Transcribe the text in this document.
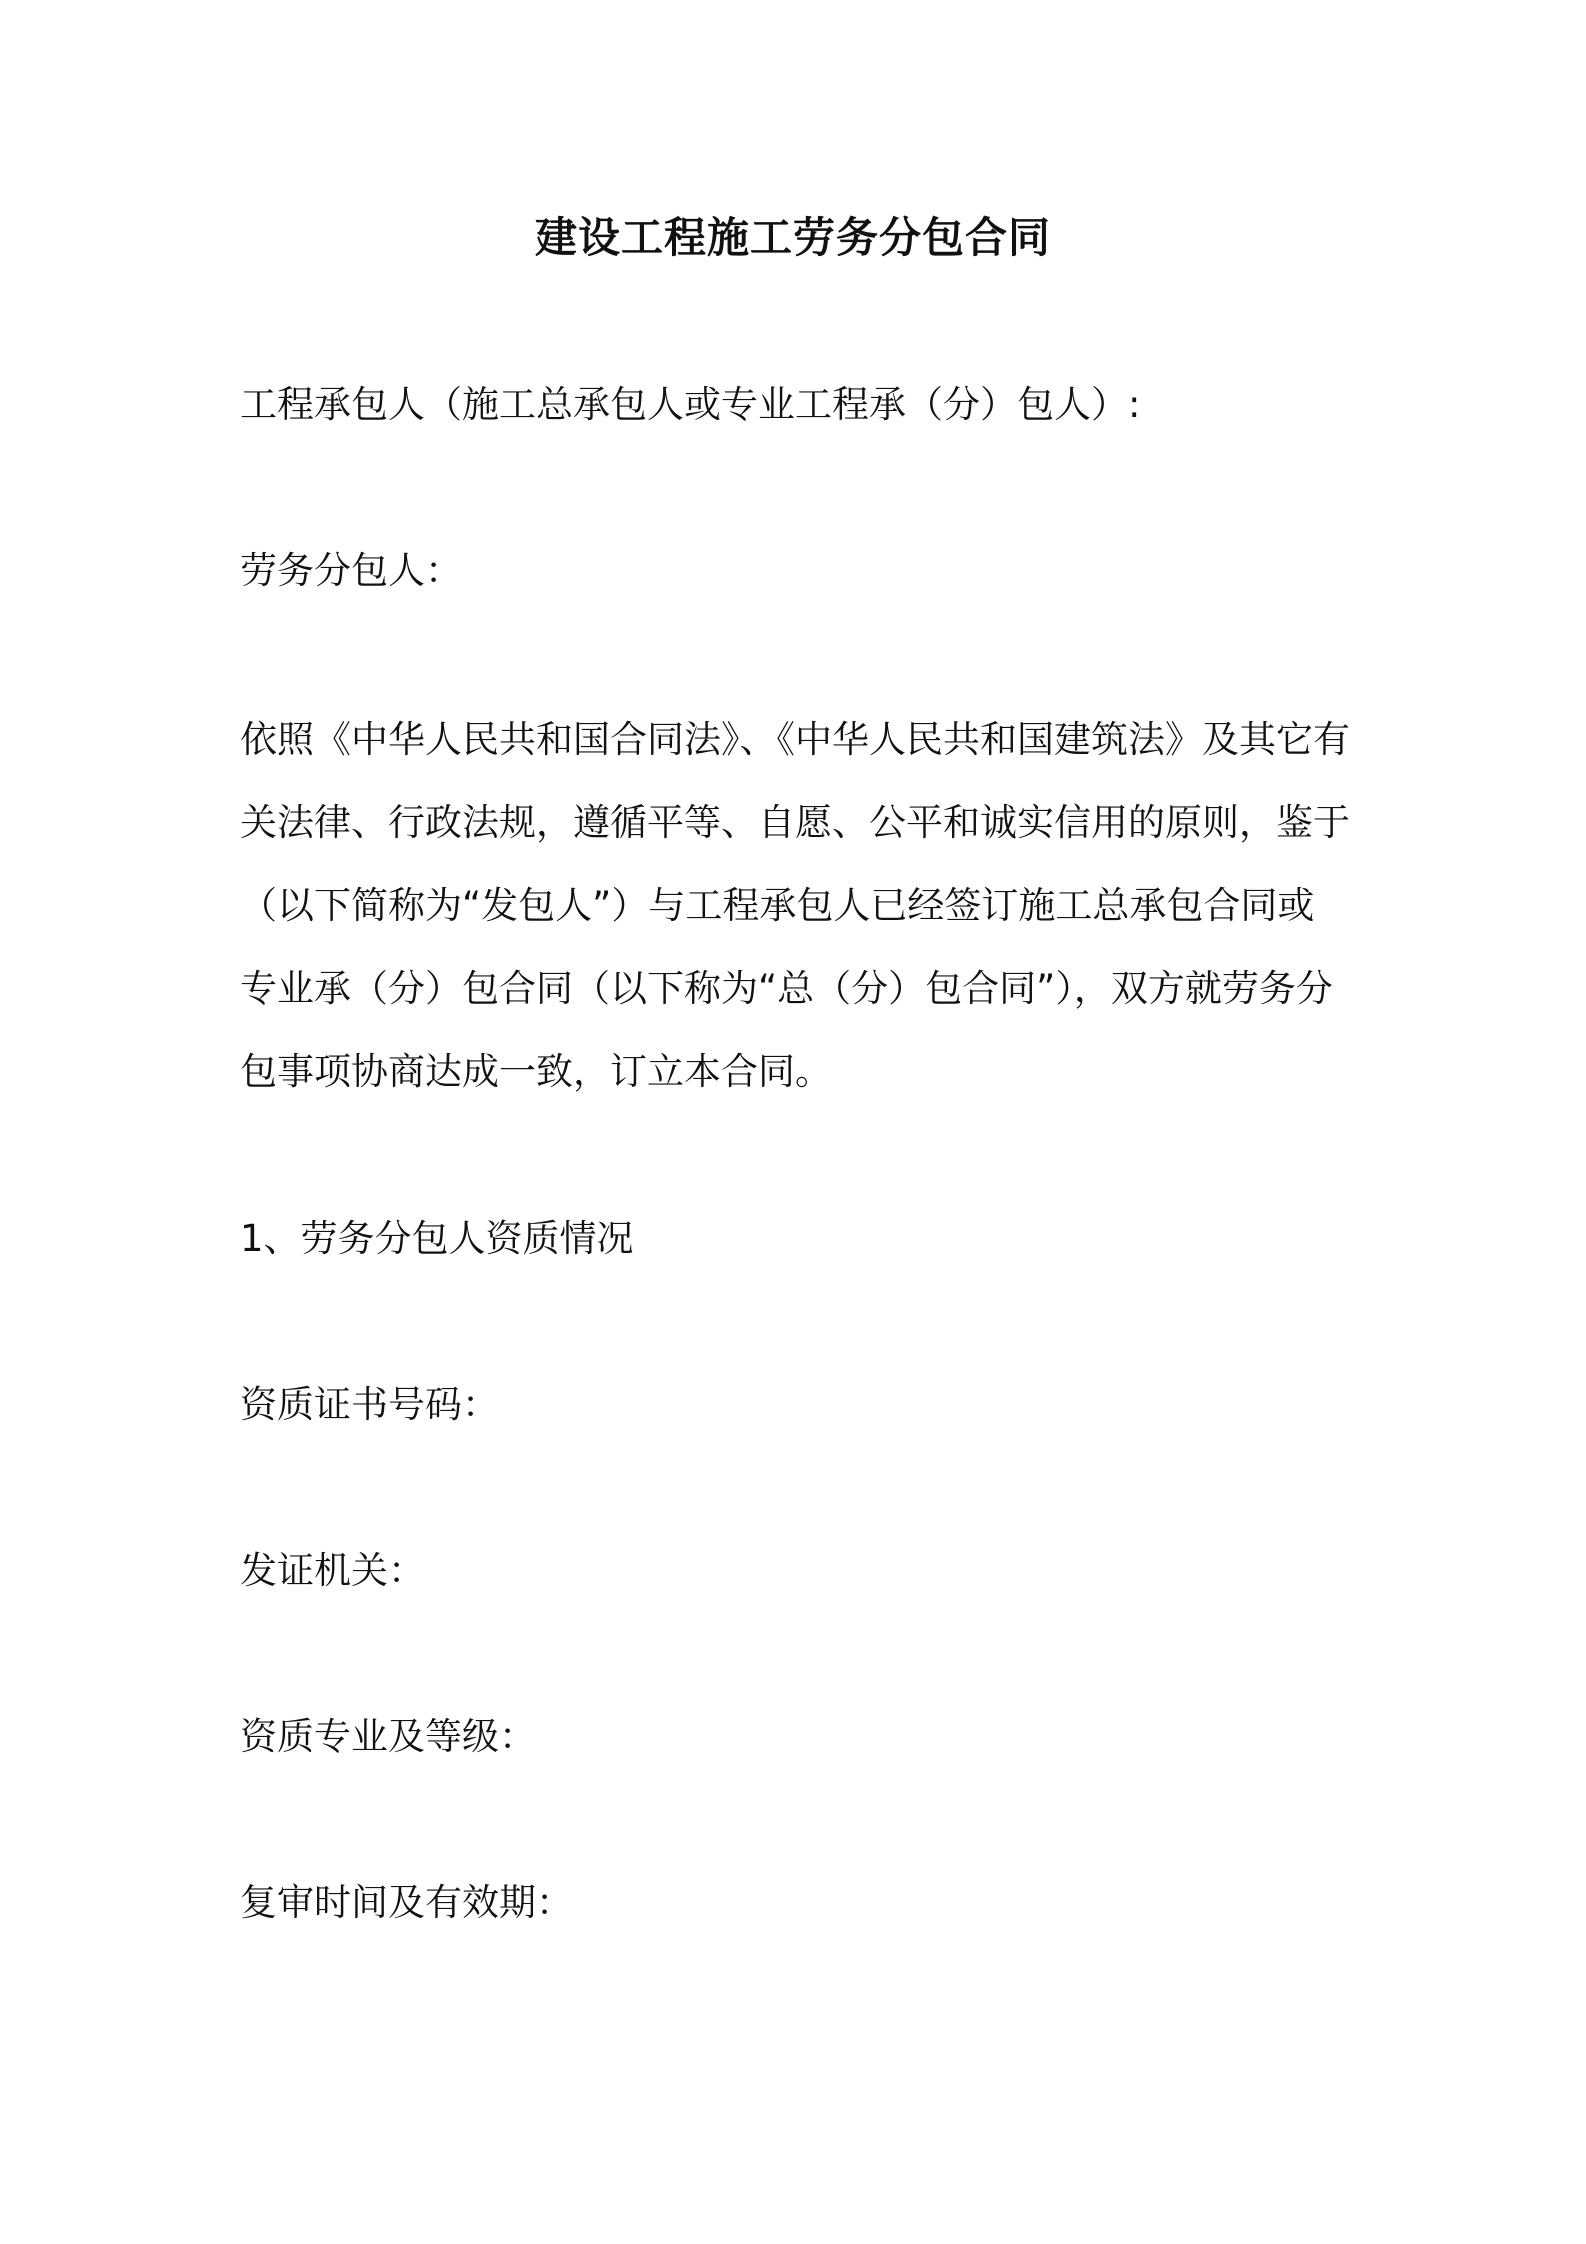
建设工程施工劳务分包合同
工程承包人（施工总承包人或专业工程承（分）包人）:
劳务分包人：
依照《中华人民共和国合同法》、《中华人民共和国建筑法》及其它有
关法律、行政法规，遵循平等、自愿、公平和诚实信用的原则，鉴于
（以下简称为“发包人”）与工程承包人已经签订施工总承包合同或
专业承（分）包合同（以下称为“总（分）包合同”），双方就劳务分
包事项协商达成一致，订立本合同。
1、劳务分包人资质情况
资质证书号码：
发证机关：
资质专业及等级：
复审时间及有效期：
